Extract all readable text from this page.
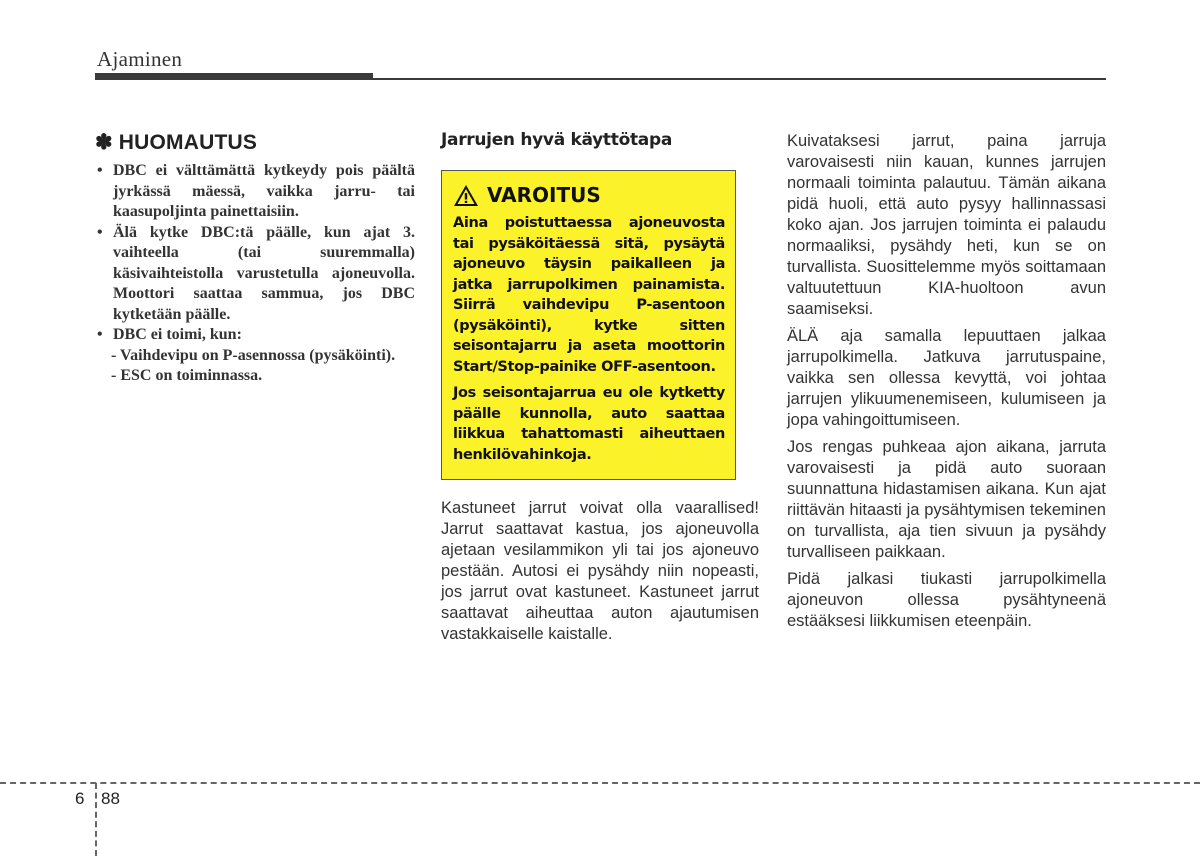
Ajaminen
✽ HUOMAUTUS
• DBC ei välttämättä kytkeydy pois päältä jyrkässä mäessä, vaikka jarru- tai kaasupoljinta painettaisiin.
• Älä kytke DBC:tä päälle, kun ajat 3. vaihteella (tai suuremmalla) käsivaihteistolla varustetulla ajoneuvolla. Moottori saattaa sammua, jos DBC kytketään päälle.
• DBC ei toimi, kun:
- Vaihdevipu on P-asennossa (pysäköinti).
- ESC on toiminnassa.
Jarrujen hyvä käyttötapa
VAROITUS

Aina poistuttaessa ajoneuvosta tai pysäköitäessä sitä, pysäytä ajoneuvo täysin paikalleen ja jatka jarrupolkimen painamista. Siirrä vaihdevipu P-asentoon (pysäköinti), kytke sitten seisontajarru ja aseta moottorin Start/Stop-painike OFF-asentoon.

Jos seisontajarrua eu ole kytketty päälle kunnolla, auto saattaa liikkua tahattomasti aiheuttaen henkilövahinkoja.

Kastuneet jarrut voivat olla vaarallised! Jarrut saattavat kastua, jos ajoneuvolla ajetaan vesilammikon yli tai jos ajoneuvo pestään. Autosi ei pysähdy niin nopeasti, jos jarrut ovat kastuneet. Kastuneet jarrut saattavat aiheuttaa auton ajautumisen vastakkaiselle kaistalle.

Kuivataksesi jarrut, paina jarruja varovaisesti niin kauan, kunnes jarrujen normaali toiminta palautuu. Tämän aikana pidä huoli, että auto pysyy hallinnassasi koko ajan. Jos jarrujen toiminta ei palaudu normaaliksi, pysähdy heti, kun se on turvallista. Suosittelemme myös soittamaan valtuutettuun KIA-huoltoon avun saamiseksi.

ÄLÄ aja samalla lepuuttaen jalkaa jarrupolkimella. Jatkuva jarrutuspaine, vaikka sen ollessa kevyttä, voi johtaa jarrujen ylikuumenemiseen, kulumiseen ja jopa vahingoittumiseen.

Jos rengas puhkeaa ajon aikana, jarruta varovaisesti ja pidä auto suoraan suunnattuna hidastamisen aikana. Kun ajat riittävän hitaasti ja pysähtymisen tekeminen on turvallista, aja tien sivuun ja pysähdy turvalliseen paikkaan.

Pidä jalkasi tiukasti jarrupolkimella ajoneuvon ollessa pysähtyneenä estääksesi liikkumisen eteenpäin.

6 88
